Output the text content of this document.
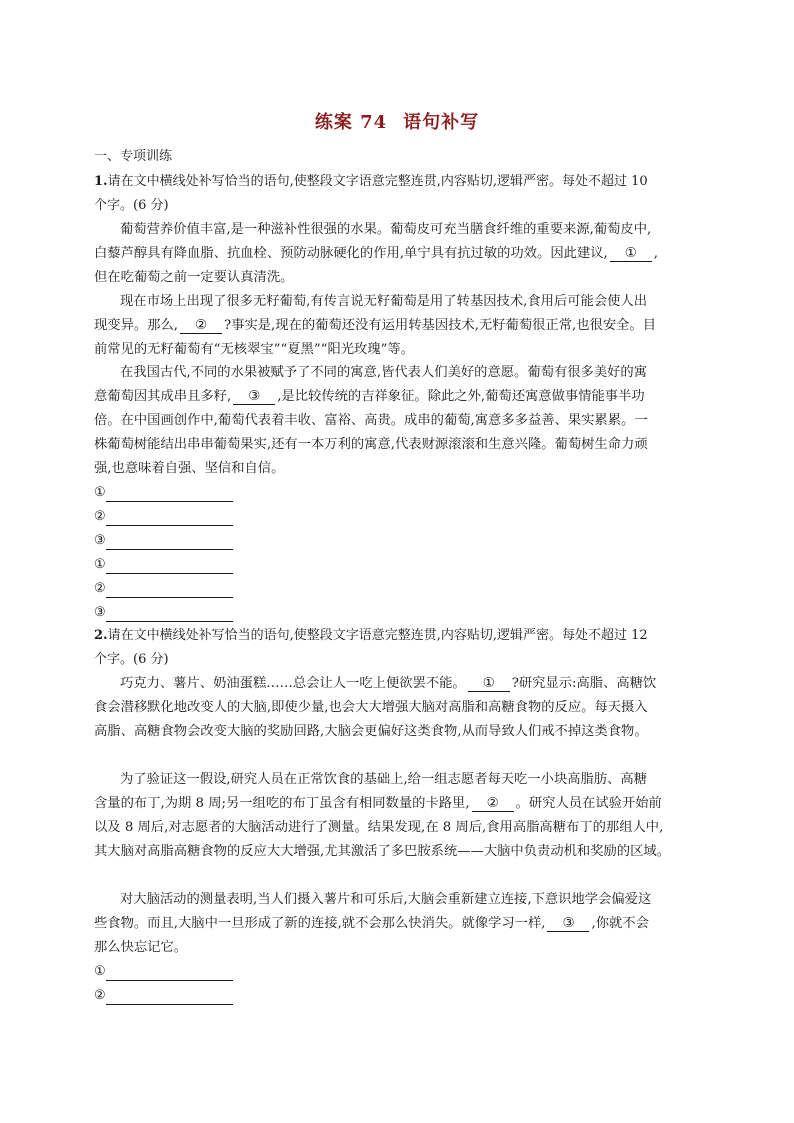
练案 74 语句补写
一、专项训练
1.请在文中横线处补写恰当的语句,使整段文字语意完整连贯,内容贴切,逻辑严密。每处不超过 10
个字。(6 分)
葡萄营养价值丰富,是一种滋补性很强的水果。葡萄皮可充当膳食纤维的重要来源,葡萄皮中,
白藜芦醇具有降血脂、抗血栓、预防动脉硬化的作用,单宁具有抗过敏的功效。因此建议, ① ,
但在吃葡萄之前一定要认真清洗。
现在市场上出现了很多无籽葡萄,有传言说无籽葡萄是用了转基因技术,食用后可能会使人出
现变异。那么, ② ?事实是,现在的葡萄还没有运用转基因技术,无籽葡萄很正常,也很安全。目
前常见的无籽葡萄有“无核翠宝”“夏黑”“阳光玫瑰”等。
在我国古代,不同的水果被赋予了不同的寓意,皆代表人们美好的意愿。葡萄有很多美好的寓
意葡萄因其成串且多籽, ③ ,是比较传统的吉祥象征。除此之外,葡萄还寓意做事情能事半功
倍。在中国画创作中,葡萄代表着丰收、富裕、高贵。成串的葡萄,寓意多多益善、果实累累。一
株葡萄树能结出串串葡萄果实,还有一本万利的寓意,代表财源滚滚和生意兴隆。葡萄树生命力顽
强,也意味着自强、坚信和自信。
①
②
③
①
②
③
2.请在文中横线处补写恰当的语句,使整段文字语意完整连贯,内容贴切,逻辑严密。每处不超过 12
个字。(6 分)
巧克力、薯片、奶油蛋糕……总会让人一吃上便欲罢不能。 ① ?研究显示:高脂、高糖饮
食会潜移默化地改变人的大脑,即使少量,也会大大增强大脑对高脂和高糖食物的反应。每天摄入
高脂、高糖食物会改变大脑的奖励回路,大脑会更偏好这类食物,从而导致人们戒不掉这类食物。
为了验证这一假设,研究人员在正常饮食的基础上,给一组志愿者每天吃一小块高脂肪、高糖
含量的布丁,为期 8 周;另一组吃的布丁虽含有相同数量的卡路里, ② 。研究人员在试验开始前
以及 8 周后,对志愿者的大脑活动进行了测量。结果发现,在 8 周后,食用高脂高糖布丁的那组人中,
其大脑对高脂高糖食物的反应大大增强,尤其激活了多巴胺系统——大脑中负责动机和奖励的区域。
对大脑活动的测量表明,当人们摄入薯片和可乐后,大脑会重新建立连接,下意识地学会偏爱这
些食物。而且,大脑中一旦形成了新的连接,就不会那么快消失。就像学习一样, ③ ,你就不会
那么快忘记它。
①
②
